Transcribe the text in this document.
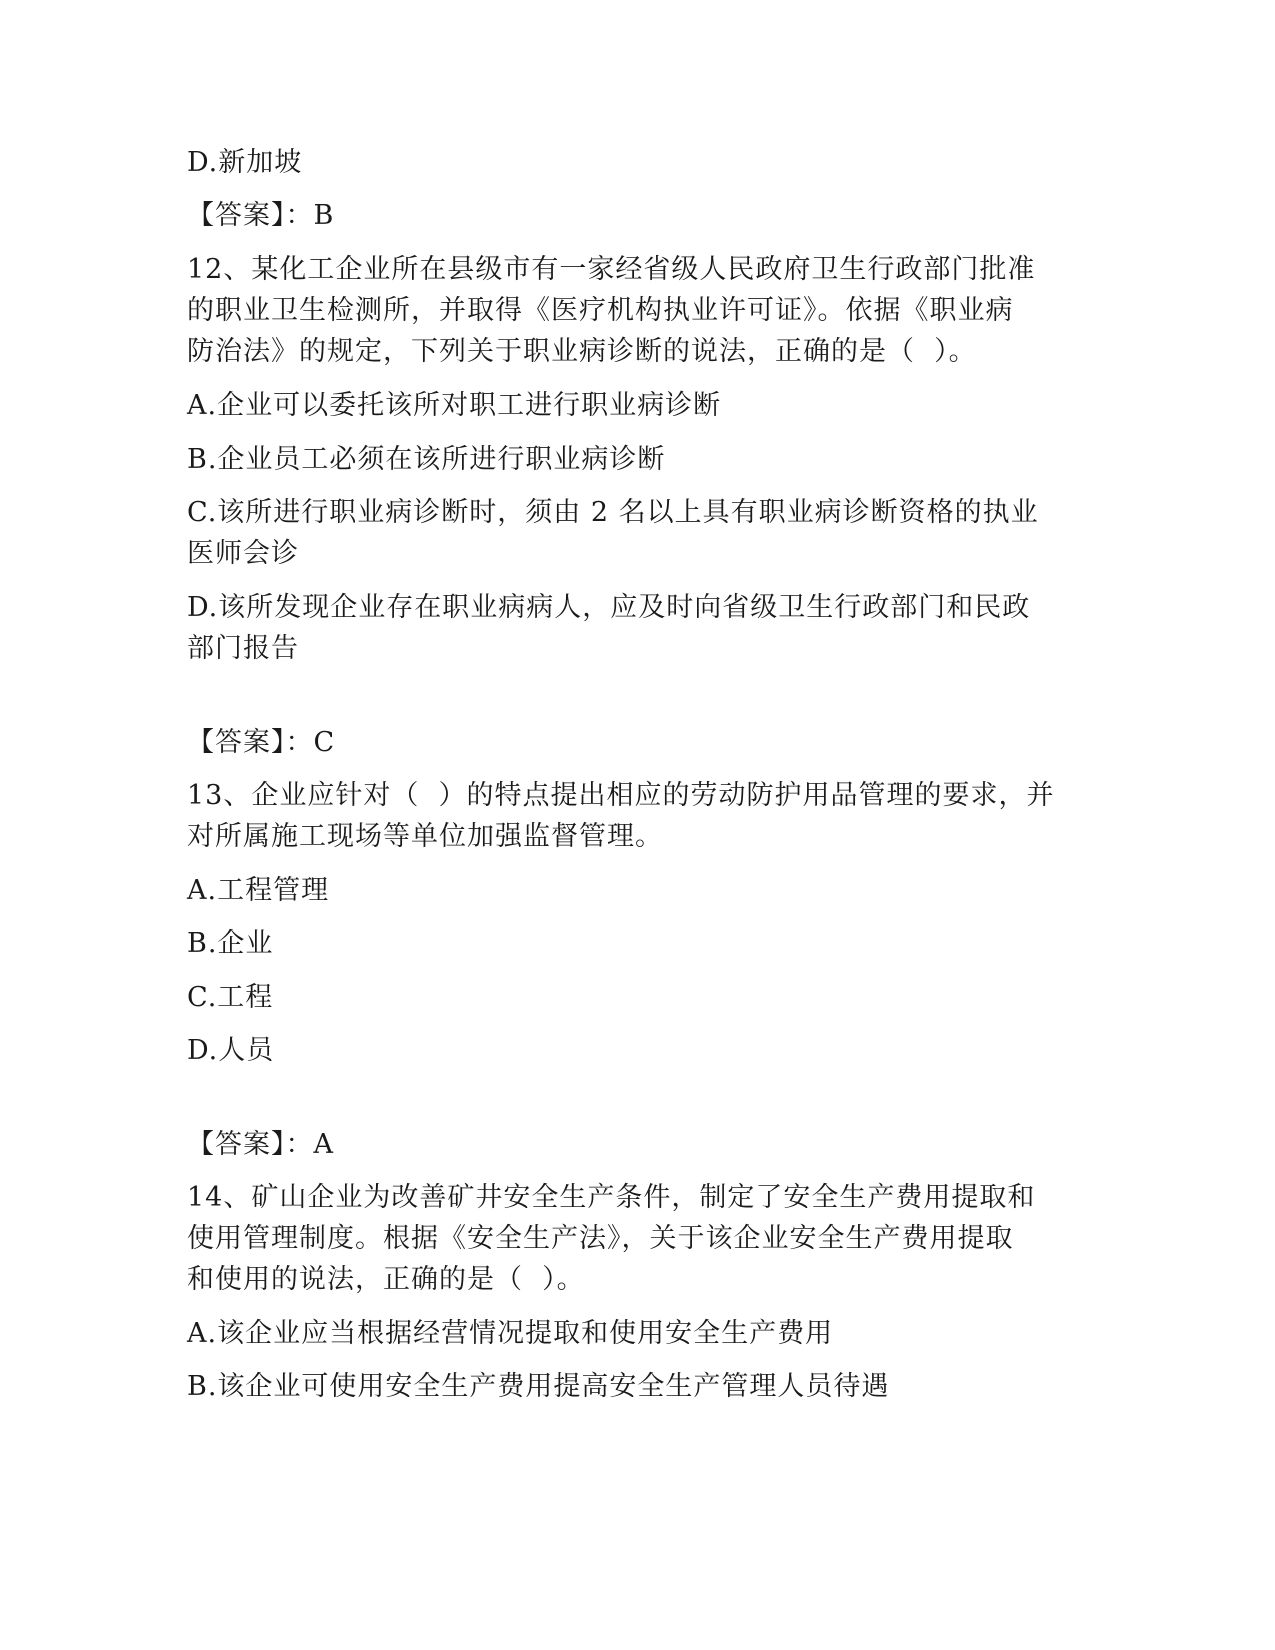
D.新加坡
【答案】：B
12、某化工企业所在县级市有一家经省级人民政府卫生行政部门批准
的职业卫生检测所，并取得《医疗机构执业许可证》。依据《职业病
防治法》的规定，下列关于职业病诊断的说法，正确的是（  ）。
A.企业可以委托该所对职工进行职业病诊断
B.企业员工必须在该所进行职业病诊断
C.该所进行职业病诊断时，须由 2 名以上具有职业病诊断资格的执业
医师会诊
D.该所发现企业存在职业病病人，应及时向省级卫生行政部门和民政
部门报告
【答案】：C
13、企业应针对（  ）的特点提出相应的劳动防护用品管理的要求，并
对所属施工现场等单位加强监督管理。
A.工程管理
B.企业
C.工程
D.人员
【答案】：A
14、矿山企业为改善矿井安全生产条件，制定了安全生产费用提取和
使用管理制度。根据《安全生产法》，关于该企业安全生产费用提取
和使用的说法，正确的是（  ）。
A.该企业应当根据经营情况提取和使用安全生产费用
B.该企业可使用安全生产费用提高安全生产管理人员待遇
